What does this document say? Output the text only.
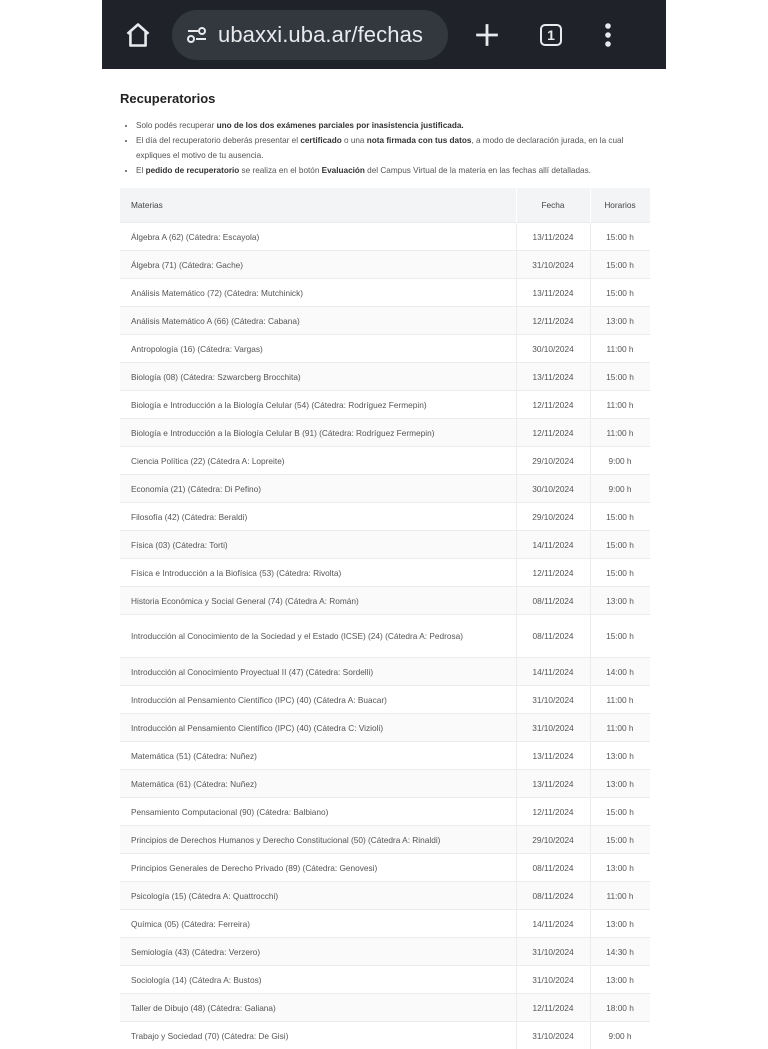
ubaxxi.uba.ar/fechas	1
Recuperatorios
• Solo podés recuperar uno de los dos exámenes parciales por inasistencia justificada.
• El día del recuperatorio deberás presentar el certificado o una nota firmada con tus datos, a modo de declaración jurada, en la cual expliques el motivo de tu ausencia.
• El pedido de recuperatorio se realiza en el botón Evaluación del Campus Virtual de la materia en las fechas allí detalladas.
Materias	Fecha	Horarios
Álgebra A (62) (Cátedra: Escayola)	13/11/2024	15:00 h
Álgebra (71) (Cátedra: Gache)	31/10/2024	15:00 h
Análisis Matemático (72) (Cátedra: Mutchinick)	13/11/2024	15:00 h
Análisis Matemático A (66) (Cátedra: Cabana)	12/11/2024	13:00 h
Antropología (16) (Cátedra: Vargas)	30/10/2024	11:00 h
Biología (08) (Cátedra: Szwarcberg Brocchita)	13/11/2024	15:00 h
Biología e Introducción a la Biología Celular (54) (Cátedra: Rodríguez Fermepin)	12/11/2024	11:00 h
Biología e Introducción a la Biología Celular B (91) (Cátedra: Rodríguez Fermepin)	12/11/2024	11:00 h
Ciencia Política (22) (Cátedra A: Lopreite)	29/10/2024	9:00 h
Economía (21) (Cátedra: Di Pefino)	30/10/2024	9:00 h
Filosofía (42) (Cátedra: Beraldi)	29/10/2024	15:00 h
Física (03) (Cátedra: Torti)	14/11/2024	15:00 h
Física e Introducción a la Biofísica (53) (Cátedra: Rivolta)	12/11/2024	15:00 h
Historia Económica y Social General (74) (Cátedra A: Román)	08/11/2024	13:00 h
Introducción al Conocimiento de la Sociedad y el Estado (ICSE) (24) (Cátedra A: Pedrosa)	08/11/2024	15:00 h
Introducción al Conocimiento Proyectual II (47) (Cátedra: Sordelli)	14/11/2024	14:00 h
Introducción al Pensamiento Científico (IPC) (40) (Cátedra A: Buacar)	31/10/2024	11:00 h
Introducción al Pensamiento Científico (IPC) (40) (Cátedra C: Vizioli)	31/10/2024	11:00 h
Matemática (51) (Cátedra: Nuñez)	13/11/2024	13:00 h
Matemática (61) (Cátedra: Nuñez)	13/11/2024	13:00 h
Pensamiento Computacional (90) (Cátedra: Balbiano)	12/11/2024	15:00 h
Principios de Derechos Humanos y Derecho Constitucional (50) (Cátedra A: Rinaldi)	29/10/2024	15:00 h
Principios Generales de Derecho Privado (89) (Cátedra: Genovesi)	08/11/2024	13:00 h
Psicología (15) (Cátedra A: Quattrocchi)	08/11/2024	11:00 h
Química (05) (Cátedra: Ferreira)	14/11/2024	13:00 h
Semiología (43) (Cátedra: Verzero)	31/10/2024	14:30 h
Sociología (14) (Cátedra A: Bustos)	31/10/2024	13:00 h
Taller de Dibujo (48) (Cátedra: Galiana)	12/11/2024	18:00 h
Trabajo y Sociedad (70) (Cátedra: De Gisi)	31/10/2024	9:00 h
